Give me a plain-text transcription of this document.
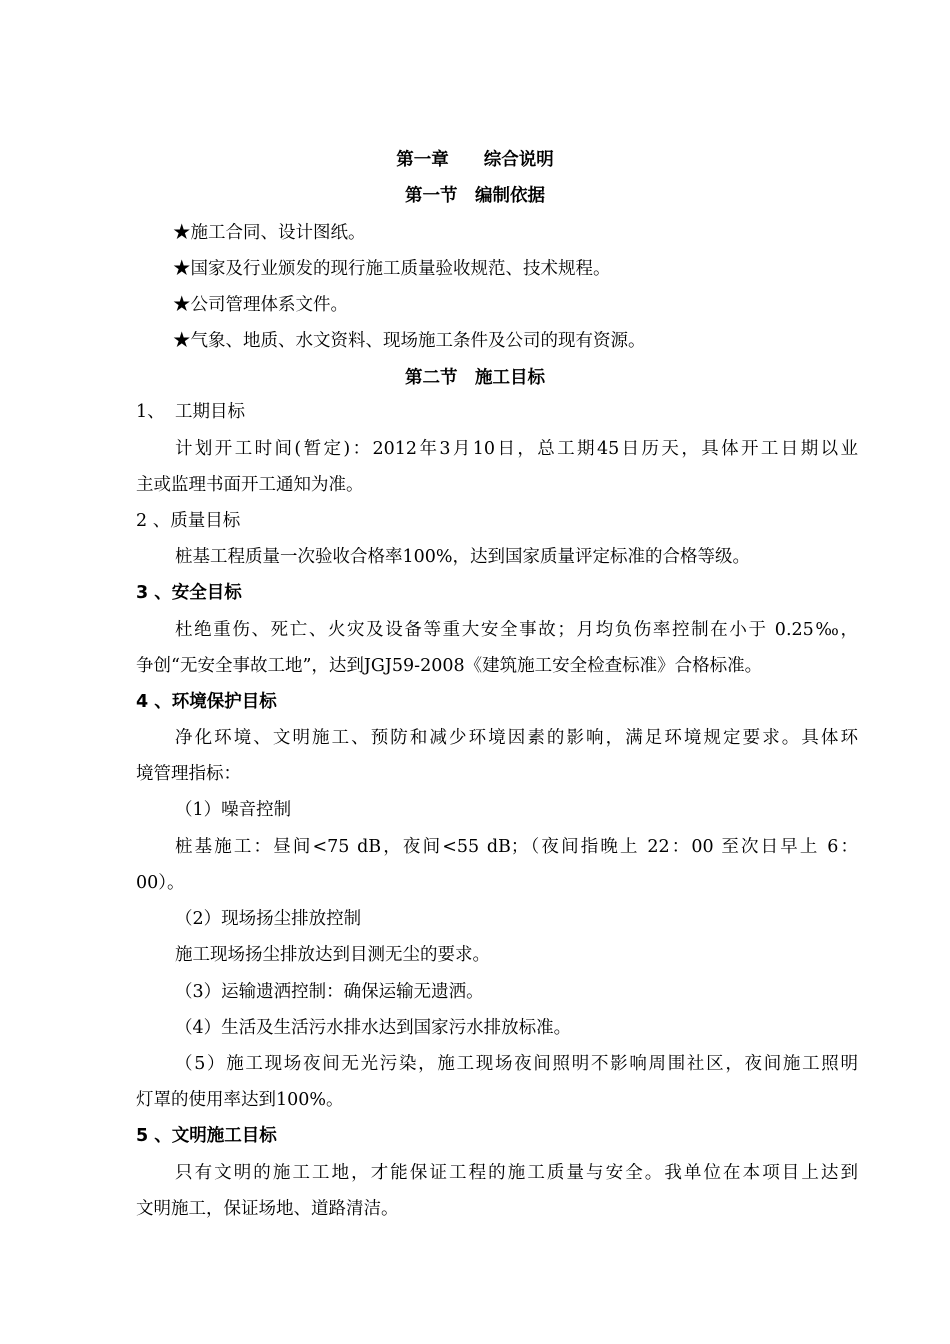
第一章　　综合说明
第一节　编制依据
★施工合同、设计图纸。
★国家及行业颁发的现行施工质量验收规范、技术规程。
★公司管理体系文件。
★气象、地质、水文资料、现场施工条件及公司的现有资源。
第二节　施工目标
1、 工期目标
计划开工时间(暂定)：2012年3月10日，总工期45日历天，具体开工日期以业
主或监理书面开工通知为准。
2 、质量目标
桩基工程质量一次验收合格率100%，达到国家质量评定标准的合格等级。
3 、安全目标
杜绝重伤、死亡、火灾及设备等重大安全事故；月均负伤率控制在小于 0.25‰，
争创“无安全事故工地”，达到JGJ59-2008《建筑施工安全检查标准》合格标准。
4 、环境保护目标
净化环境、文明施工、预防和减少环境因素的影响，满足环境规定要求。具体环
境管理指标：
（1）噪音控制
桩基施工：昼间<75 dB，夜间<55 dB；（夜间指晚上 22：00 至次日早上 6：
00）。
（2）现场扬尘排放控制
施工现场扬尘排放达到目测无尘的要求。
（3）运输遗洒控制：确保运输无遗洒。
（4）生活及生活污水排水达到国家污水排放标准。
（5）施工现场夜间无光污染，施工现场夜间照明不影响周围社区，夜间施工照明
灯罩的使用率达到100%。
5 、文明施工目标
只有文明的施工工地，才能保证工程的施工质量与安全。我单位在本项目上达到
文明施工，保证场地、道路清洁。
